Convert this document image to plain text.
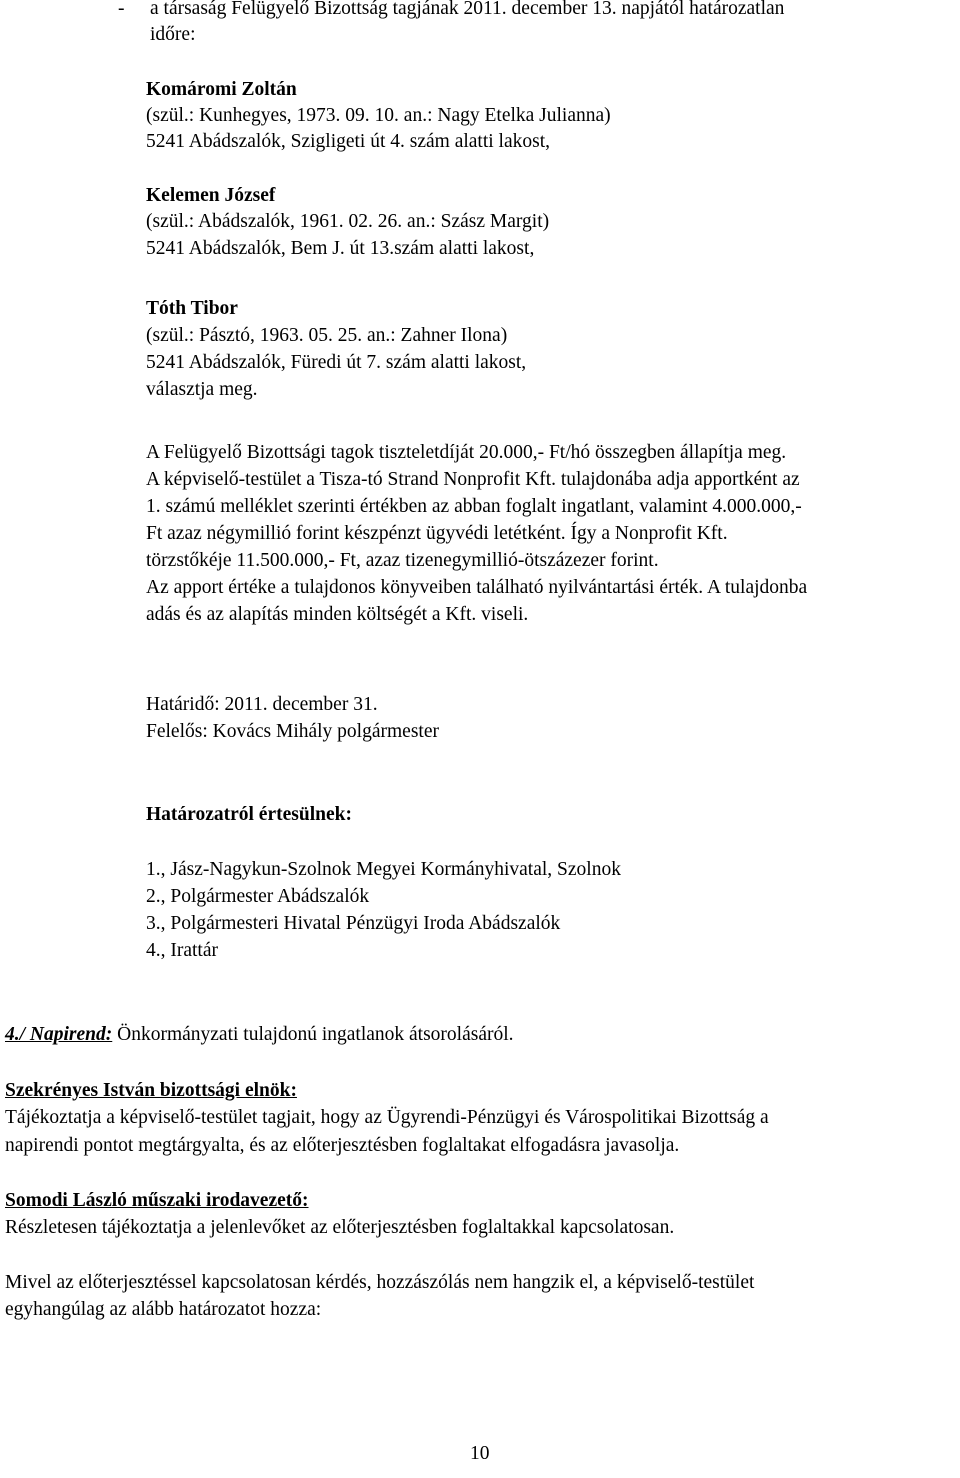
- a társaság Felügyelő Bizottság tagjának 2011. december 13. napjától határozatlan
időre:
Komáromi Zoltán
(szül.: Kunhegyes, 1973. 09. 10. an.: Nagy Etelka Julianna)
5241 Abádszalók, Szigligeti út 4. szám alatti lakost,
Kelemen József
(szül.: Abádszalók, 1961. 02. 26. an.: Szász Margit)
5241 Abádszalók, Bem J. út 13.szám alatti lakost,
Tóth Tibor
(szül.: Pásztó, 1963. 05. 25. an.: Zahner Ilona)
5241 Abádszalók, Füredi út 7. szám alatti lakost,
választja meg.
A Felügyelő Bizottsági tagok tiszteletdíját 20.000,- Ft/hó összegben állapítja meg.
A képviselő-testület a Tisza-tó Strand Nonprofit Kft. tulajdonába adja apportként az
1. számú melléklet szerinti értékben az abban foglalt ingatlant, valamint 4.000.000,-
Ft azaz négymillió forint készpénzt ügyvédi letétként. Így a Nonprofit Kft.
törzstőkéje 11.500.000,- Ft, azaz tizenegymillió-ötszázezer forint.
Az apport értéke a tulajdonos könyveiben található nyilvántartási érték. A tulajdonba
adás és az alapítás minden költségét a Kft. viseli.
Határidő: 2011. december 31.
Felelős: Kovács Mihály polgármester
Határozatról értesülnek:
1., Jász-Nagykun-Szolnok Megyei Kormányhivatal, Szolnok
2., Polgármester Abádszalók
3., Polgármesteri Hivatal Pénzügyi Iroda Abádszalók
4., Irattár
4./ Napirend: Önkormányzati tulajdonú ingatlanok átsorolásáról.
Szekrényes István bizottsági elnök:
Tájékoztatja a képviselő-testület tagjait, hogy az Ügyrendi-Pénzügyi és Várospolitikai Bizottság a
napirendi pontot megtárgyalta, és az előterjesztésben foglaltakat elfogadásra javasolja.
Somodi László műszaki irodavezető:
Részletesen tájékoztatja a jelenlevőket az előterjesztésben foglaltakkal kapcsolatosan.
Mivel az előterjesztéssel kapcsolatosan kérdés, hozzászólás nem hangzik el, a képviselő-testület
egyhangúlag az alább határozatot hozza:
10
